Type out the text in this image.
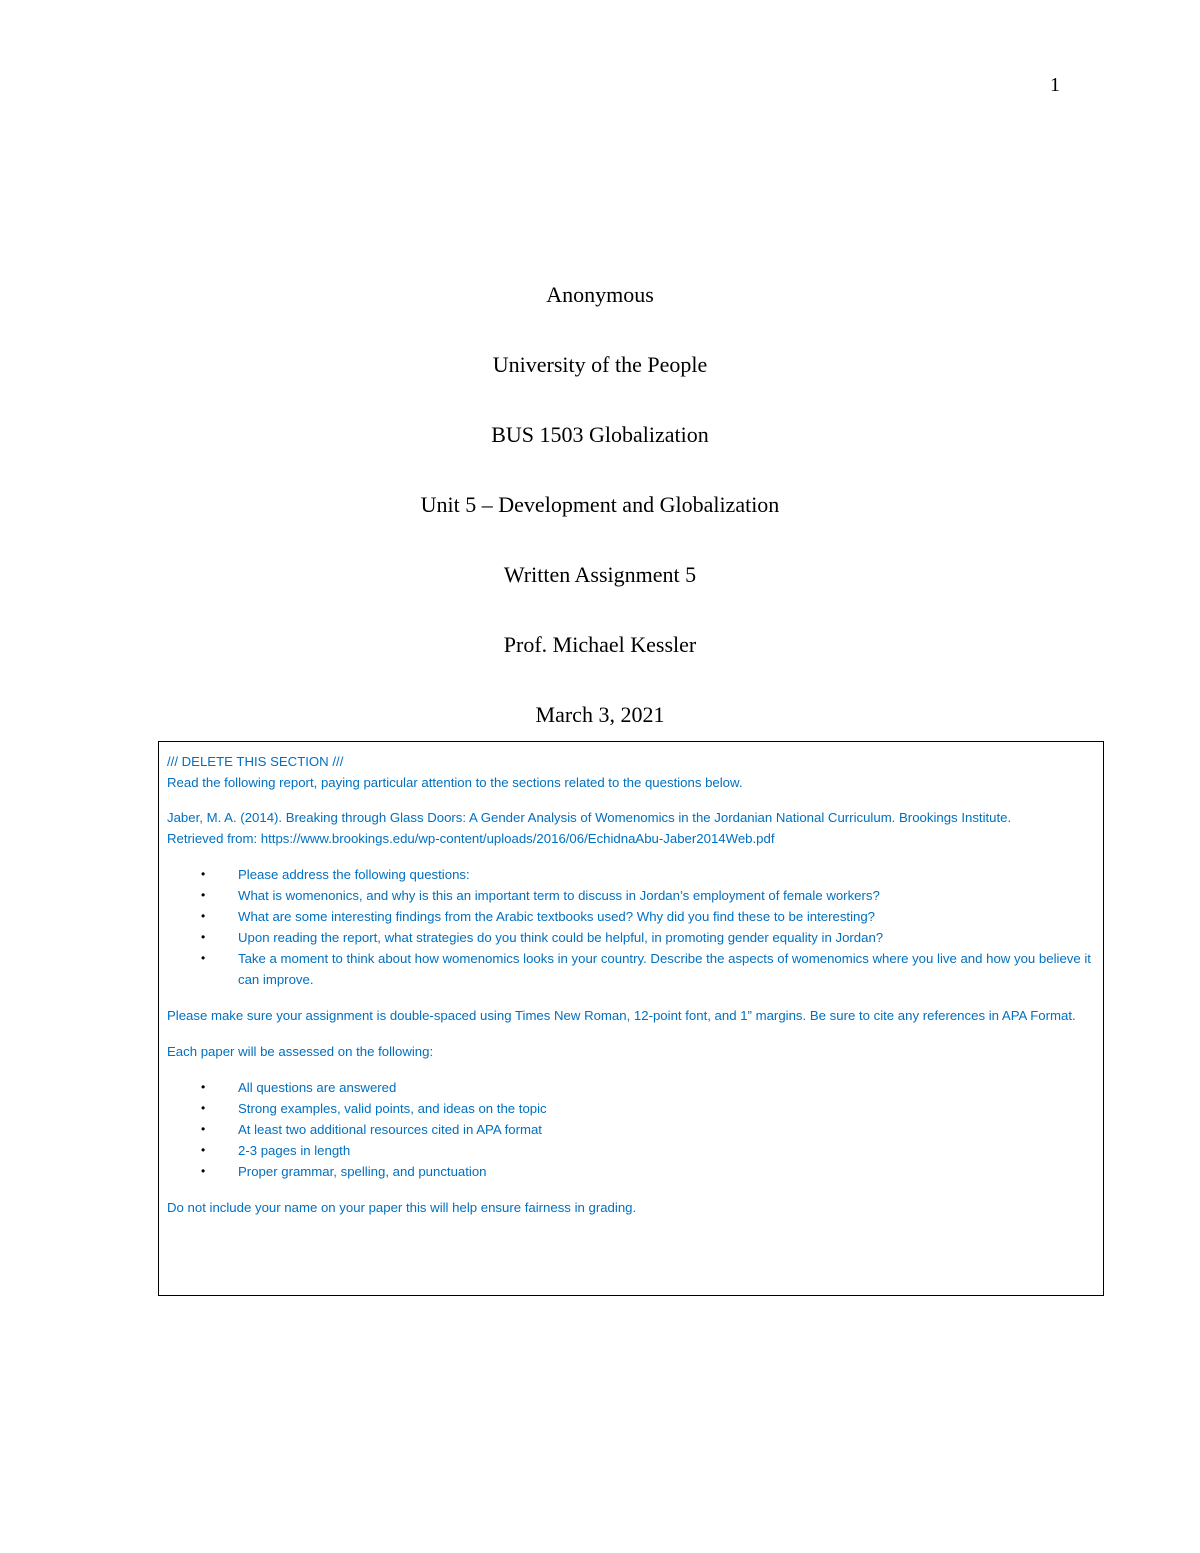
1
Anonymous
University of the People
BUS 1503 Globalization
Unit 5 – Development and Globalization
Written Assignment 5
Prof. Michael Kessler
March 3, 2021

/// DELETE THIS SECTION ///

Read the following report, paying particular attention to the sections related to the questions below.

Jaber, M. A. (2014). Breaking through Glass Doors: A Gender Analysis of Womenomics in the Jordanian National Curriculum. Brookings Institute.

Retrieved from: https://www.brookings.edu/wp-content/uploads/2016/06/EchidnaAbu-Jaber2014Web.pdf

• Please address the following questions:
• What is womenonics, and why is this an important term to discuss in Jordan’s employment of female workers?
• What are some interesting findings from the Arabic textbooks used? Why did you find these to be interesting?
• Upon reading the report, what strategies do you think could be helpful, in promoting gender equality in Jordan?
• Take a moment to think about how womenomics looks in your country. Describe the aspects of womenomics where you live and how you believe it can improve.

Please make sure your assignment is double-spaced using Times New Roman, 12-point font, and 1” margins. Be sure to cite any references in APA Format.

Each paper will be assessed on the following:

• All questions are answered
• Strong examples, valid points, and ideas on the topic
• At least two additional resources cited in APA format
• 2-3 pages in length
• Proper grammar, spelling, and punctuation

Do not include your name on your paper this will help ensure fairness in grading.
